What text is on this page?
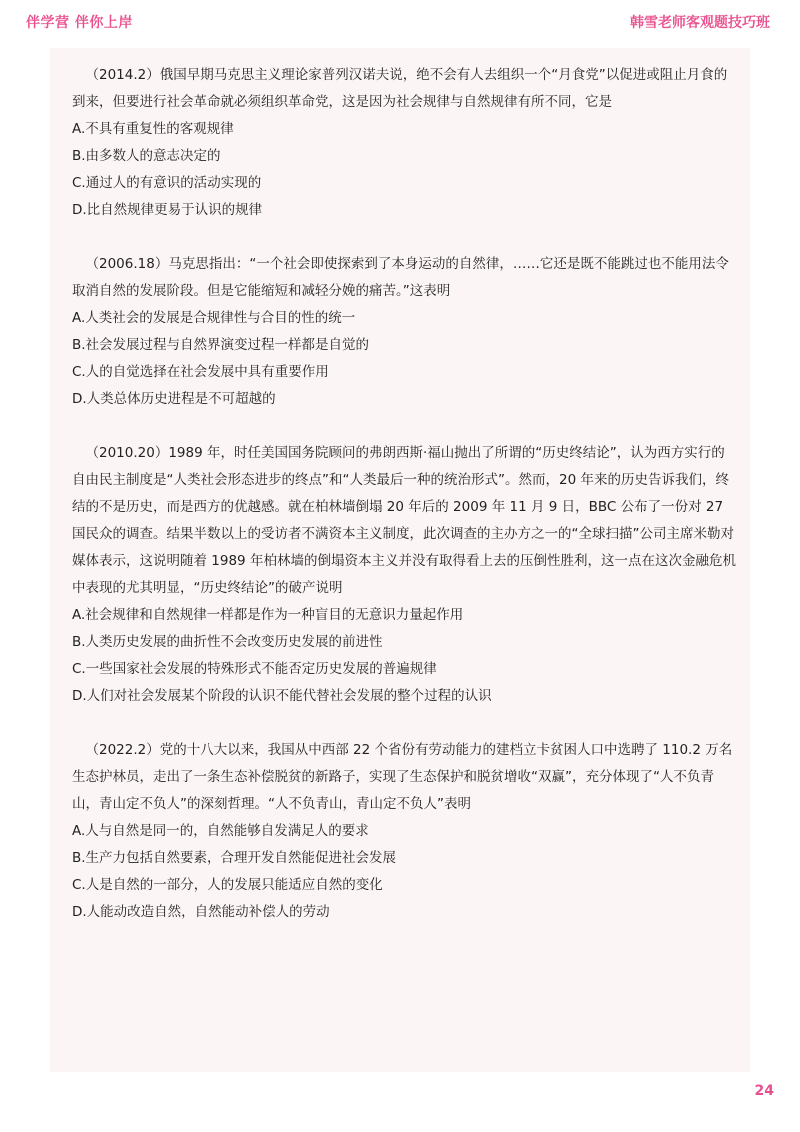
伴学营 伴你上岸	韩雪老师客观题技巧班

（2014.2）俄国早期马克思主义理论家普列汉诺夫说，绝不会有人去组织一个“月食党”以促进或阻止月食的到来，但要进行社会革命就必须组织革命党，这是因为社会规律与自然规律有所不同，它是

A.不具有重复性的客观规律

B.由多数人的意志决定的

C.通过人的有意识的活动实现的

D.比自然规律更易于认识的规律

（2006.18）马克思指出：“一个社会即使探索到了本身运动的自然律，……它还是既不能跳过也不能用法令取消自然的发展阶段。但是它能缩短和减轻分娩的痛苦。”这表明

A.人类社会的发展是合规律性与合目的性的统一

B.社会发展过程与自然界演变过程一样都是自觉的

C.人的自觉选择在社会发展中具有重要作用

D.人类总体历史进程是不可超越的

（2010.20）1989 年，时任美国国务院顾问的弗朗西斯·福山抛出了所谓的“历史终结论”，认为西方实行的自由民主制度是“人类社会形态进步的终点”和“人类最后一种的统治形式”。然而，20 年来的历史告诉我们，终结的不是历史，而是西方的优越感。就在柏林墙倒塌 20 年后的 2009 年 11 月 9 日，BBC 公布了一份对 27 国民众的调查。结果半数以上的受访者不满资本主义制度，此次调查的主办方之一的“全球扫描”公司主席米勒对媒体表示，这说明随着 1989 年柏林墙的倒塌资本主义并没有取得看上去的压倒性胜利，这一点在这次金融危机中表现的尤其明显，“历史终结论”的破产说明

A.社会规律和自然规律一样都是作为一种盲目的无意识力量起作用

B.人类历史发展的曲折性不会改变历史发展的前进性

C.一些国家社会发展的特殊形式不能否定历史发展的普遍规律

D.人们对社会发展某个阶段的认识不能代替社会发展的整个过程的认识

（2022.2）党的十八大以来，我国从中西部 22 个省份有劳动能力的建档立卡贫困人口中选聘了 110.2 万名生态护林员，走出了一条生态补偿脱贫的新路子，实现了生态保护和脱贫增收“双赢”，充分体现了“人不负青山，青山定不负人”的深刻哲理。“人不负青山，青山定不负人”表明

A.人与自然是同一的，自然能够自发满足人的要求

B.生产力包括自然要素，合理开发自然能促进社会发展

C.人是自然的一部分，人的发展只能适应自然的变化

D.人能动改造自然，自然能动补偿人的劳动

24
